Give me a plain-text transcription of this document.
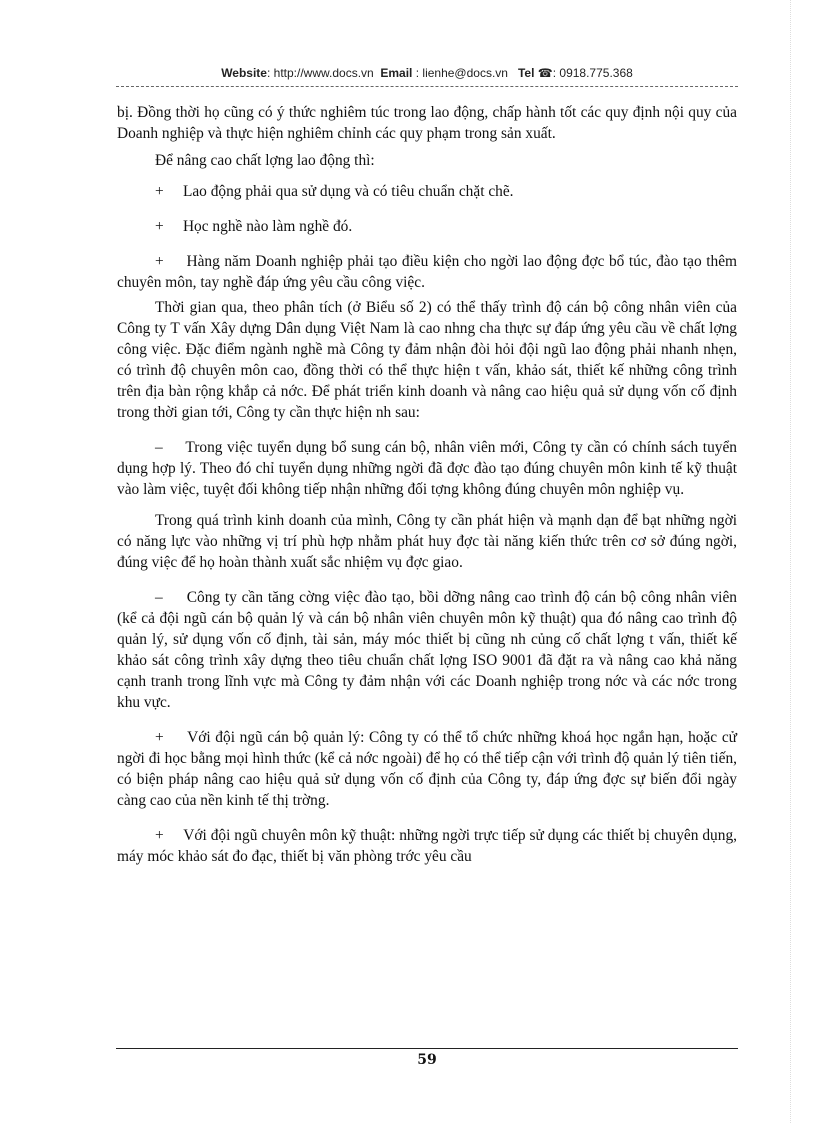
Website: http://www.docs.vn Email : lienhe@docs.vn Tel ☎: 0918.775.368

bị. Đồng thời họ cũng có ý thức nghiêm túc trong lao động, chấp hành tốt các quy định nội quy của Doanh nghiệp và thực hiện nghiêm chỉnh các quy phạm trong sản xuất.

Để nâng cao chất lợng lao động thì:

+ Lao động phải qua sử dụng và có tiêu chuẩn chặt chẽ.

+ Học nghề nào làm nghề đó.

+ Hàng năm Doanh nghiệp phải tạo điều kiện cho ngời lao động đợc bổ túc, đào tạo thêm chuyên môn, tay nghề đáp ứng yêu cầu công việc.

Thời gian qua, theo phân tích (ở Biểu số 2) có thể thấy trình độ cán bộ công nhân viên của Công ty T vấn Xây dựng Dân dụng Việt Nam là cao nhng cha thực sự đáp ứng yêu cầu về chất lợng công việc. Đặc điểm ngành nghề mà Công ty đảm nhận đòi hỏi đội ngũ lao động phải nhanh nhẹn, có trình độ chuyên môn cao, đồng thời có thể thực hiện t vấn, khảo sát, thiết kế những công trình trên địa bàn rộng khắp cả nớc. Để phát triển kinh doanh và nâng cao hiệu quả sử dụng vốn cố định trong thời gian tới, Công ty cần thực hiện nh sau:

– Trong việc tuyển dụng bổ sung cán bộ, nhân viên mới, Công ty cần có chính sách tuyển dụng hợp lý. Theo đó chỉ tuyển dụng những ngời đã đợc đào tạo đúng chuyên môn kinh tế kỹ thuật vào làm việc, tuyệt đối không tiếp nhận những đối tợng không đúng chuyên môn nghiệp vụ.

Trong quá trình kinh doanh của mình, Công ty cần phát hiện và mạnh dạn để bạt những ngời có năng lực vào những vị trí phù hợp nhằm phát huy đợc tài năng kiến thức trên cơ sở đúng ngời, đúng việc để họ hoàn thành xuất sắc nhiệm vụ đợc giao.

– Công ty cần tăng cờng việc đào tạo, bồi dỡng nâng cao trình độ cán bộ công nhân viên (kể cả đội ngũ cán bộ quản lý và cán bộ nhân viên chuyên môn kỹ thuật) qua đó nâng cao trình độ quản lý, sử dụng vốn cố định, tài sản, máy móc thiết bị cũng nh củng cố chất lợng t vấn, thiết kế khảo sát công trình xây dựng theo tiêu chuẩn chất lợng ISO 9001 đã đặt ra và nâng cao khả năng cạnh tranh trong lĩnh vực mà Công ty đảm nhận với các Doanh nghiệp trong nớc và các nớc trong khu vực.

+ Với đội ngũ cán bộ quản lý: Công ty có thể tổ chức những khoá học ngắn hạn, hoặc cử ngời đi học bằng mọi hình thức (kể cả nớc ngoài) để họ có thể tiếp cận với trình độ quản lý tiên tiến, có biện pháp nâng cao hiệu quả sử dụng vốn cố định của Công ty, đáp ứng đợc sự biến đổi ngày càng cao của nền kinh tế thị trờng.

+ Với đội ngũ chuyên môn kỹ thuật: những ngời trực tiếp sử dụng các thiết bị chuyên dụng, máy móc khảo sát đo đạc, thiết bị văn phòng trớc yêu cầu

59
